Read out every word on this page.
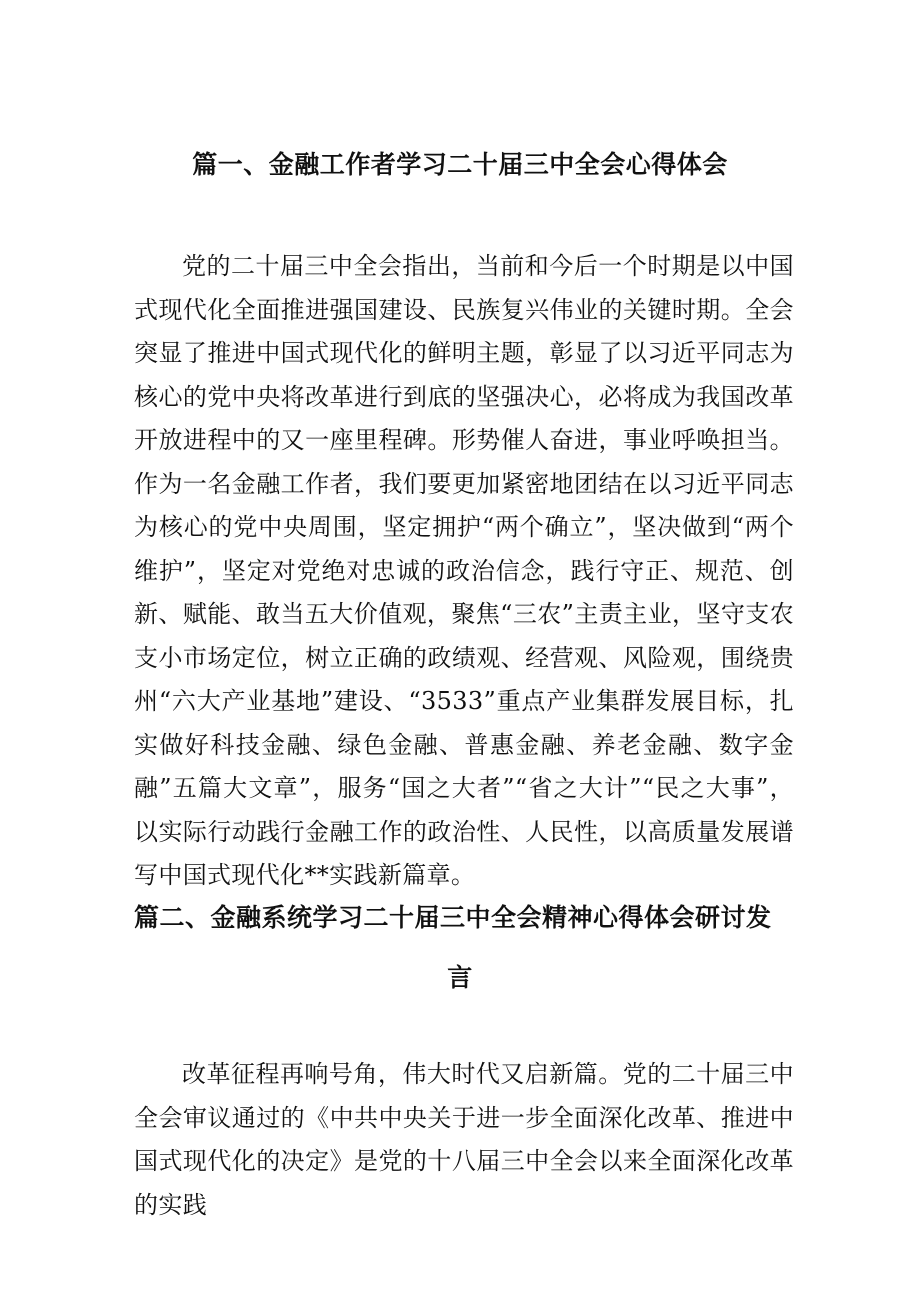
篇一、金融工作者学习二十届三中全会心得体会

党的二十届三中全会指出，当前和今后一个时期是以中国式现代化全面推进强国建设、民族复兴伟业的关键时期。全会突显了推进中国式现代化的鲜明主题，彰显了以习近平同志为核心的党中央将改革进行到底的坚强决心，必将成为我国改革开放进程中的又一座里程碑。形势催人奋进，事业呼唤担当。作为一名金融工作者，我们要更加紧密地团结在以习近平同志为核心的党中央周围，坚定拥护“两个确立”，坚决做到“两个维护”，坚定对党绝对忠诚的政治信念，践行守正、规范、创新、赋能、敢当五大价值观，聚焦“三农”主责主业，坚守支农支小市场定位，树立正确的政绩观、经营观、风险观，围绕贵州“六大产业基地”建设、“3533”重点产业集群发展目标，扎实做好科技金融、绿色金融、普惠金融、养老金融、数字金融”五篇大文章”，服务“国之大者”“省之大计”“民之大事”，以实际行动践行金融工作的政治性、人民性，以高质量发展谱写中国式现代化**实践新篇章。

篇二、金融系统学习二十届三中全会精神心得体会研讨发
言

改革征程再响号角，伟大时代又启新篇。党的二十届三中全会审议通过的《中共中央关于进一步全面深化改革、推进中国式现代化的决定》是党的十八届三中全会以来全面深化改革的实践
